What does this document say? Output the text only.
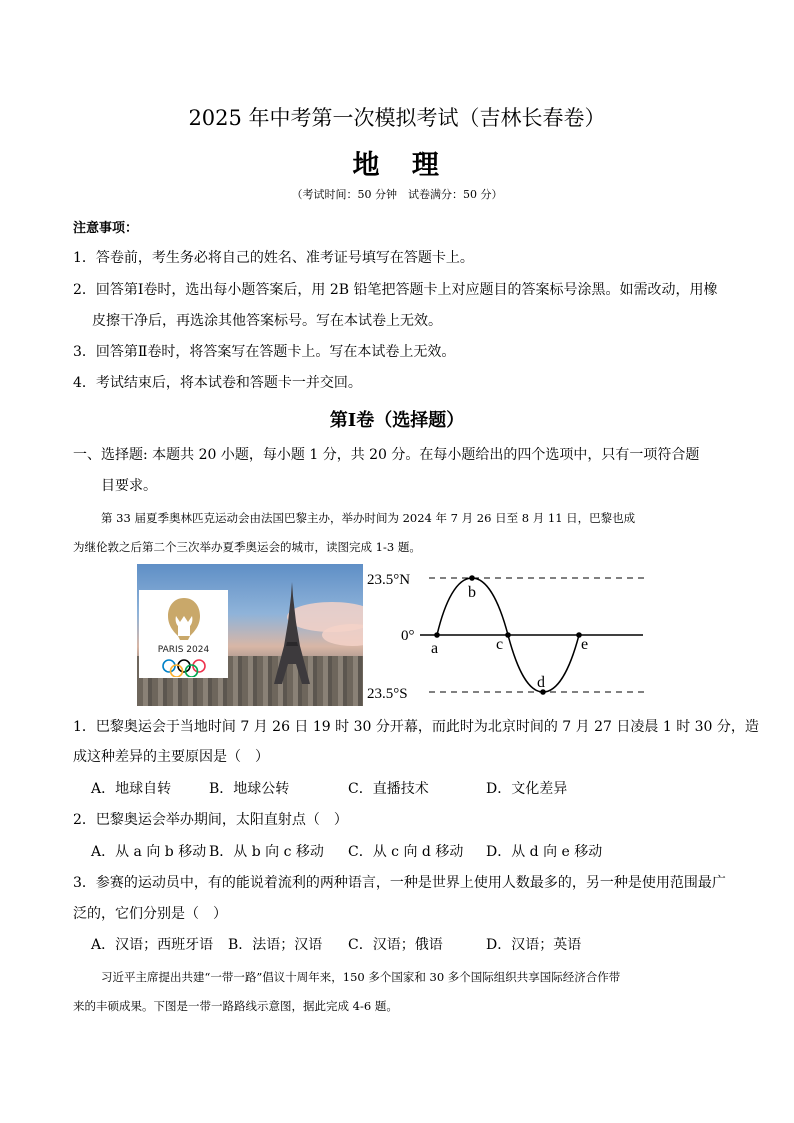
2025 年中考第一次模拟考试（吉林长春卷）
地　理
（考试时间：50 分钟　试卷满分：50 分）
注意事项：
1．答卷前，考生务必将自己的姓名、准考证号填写在答题卡上。
2．回答第Ⅰ卷时，选出每小题答案后，用 2B 铅笔把答题卡上对应题目的答案标号涂黑。如需改动，用橡
皮擦干净后，再选涂其他答案标号。写在本试卷上无效。
3．回答第Ⅱ卷时，将答案写在答题卡上。写在本试卷上无效。
4．考试结束后，将本试卷和答题卡一并交回。
第Ⅰ卷（选择题）
一、选择题: 本题共 20 小题，每小题 1 分，共 20 分。在每小题给出的四个选项中，只有一项符合题
目要求。
第 33 届夏季奥林匹克运动会由法国巴黎主办，举办时间为 2024 年 7 月 26 日至 8 月 11 日，巴黎也成
为继伦敦之后第二个三次举办夏季奥运会的城市，读图完成 1-3 题。
PARIS 2024
23.5°N
0°
23.5°S
a
b
c
d
e
1．巴黎奥运会于当地时间 7 月 26 日 19 时 30 分开幕，而此时为北京时间的 7 月 27 日凌晨 1 时 30 分，造
成这种差异的主要原因是（　）
A．地球自转	B．地球公转	C．直播技术	D．文化差异
2．巴黎奥运会举办期间，太阳直射点（　）
A．从 a 向 b 移动 B．从 b 向 c 移动 C．从 c 向 d 移动 D．从 d 向 e 移动
3．参赛的运动员中，有的能说着流利的两种语言，一种是世界上使用人数最多的，另一种是使用范围最广
泛的，它们分别是（　）
A．汉语；西班牙语 B．法语；汉语 C．汉语；俄语	D．汉语；英语
习近平主席提出共建“一带一路”倡议十周年来，150 多个国家和 30 多个国际组织共享国际经济合作带
来的丰硕成果。下图是一带一路路线示意图，据此完成 4-6 题。
